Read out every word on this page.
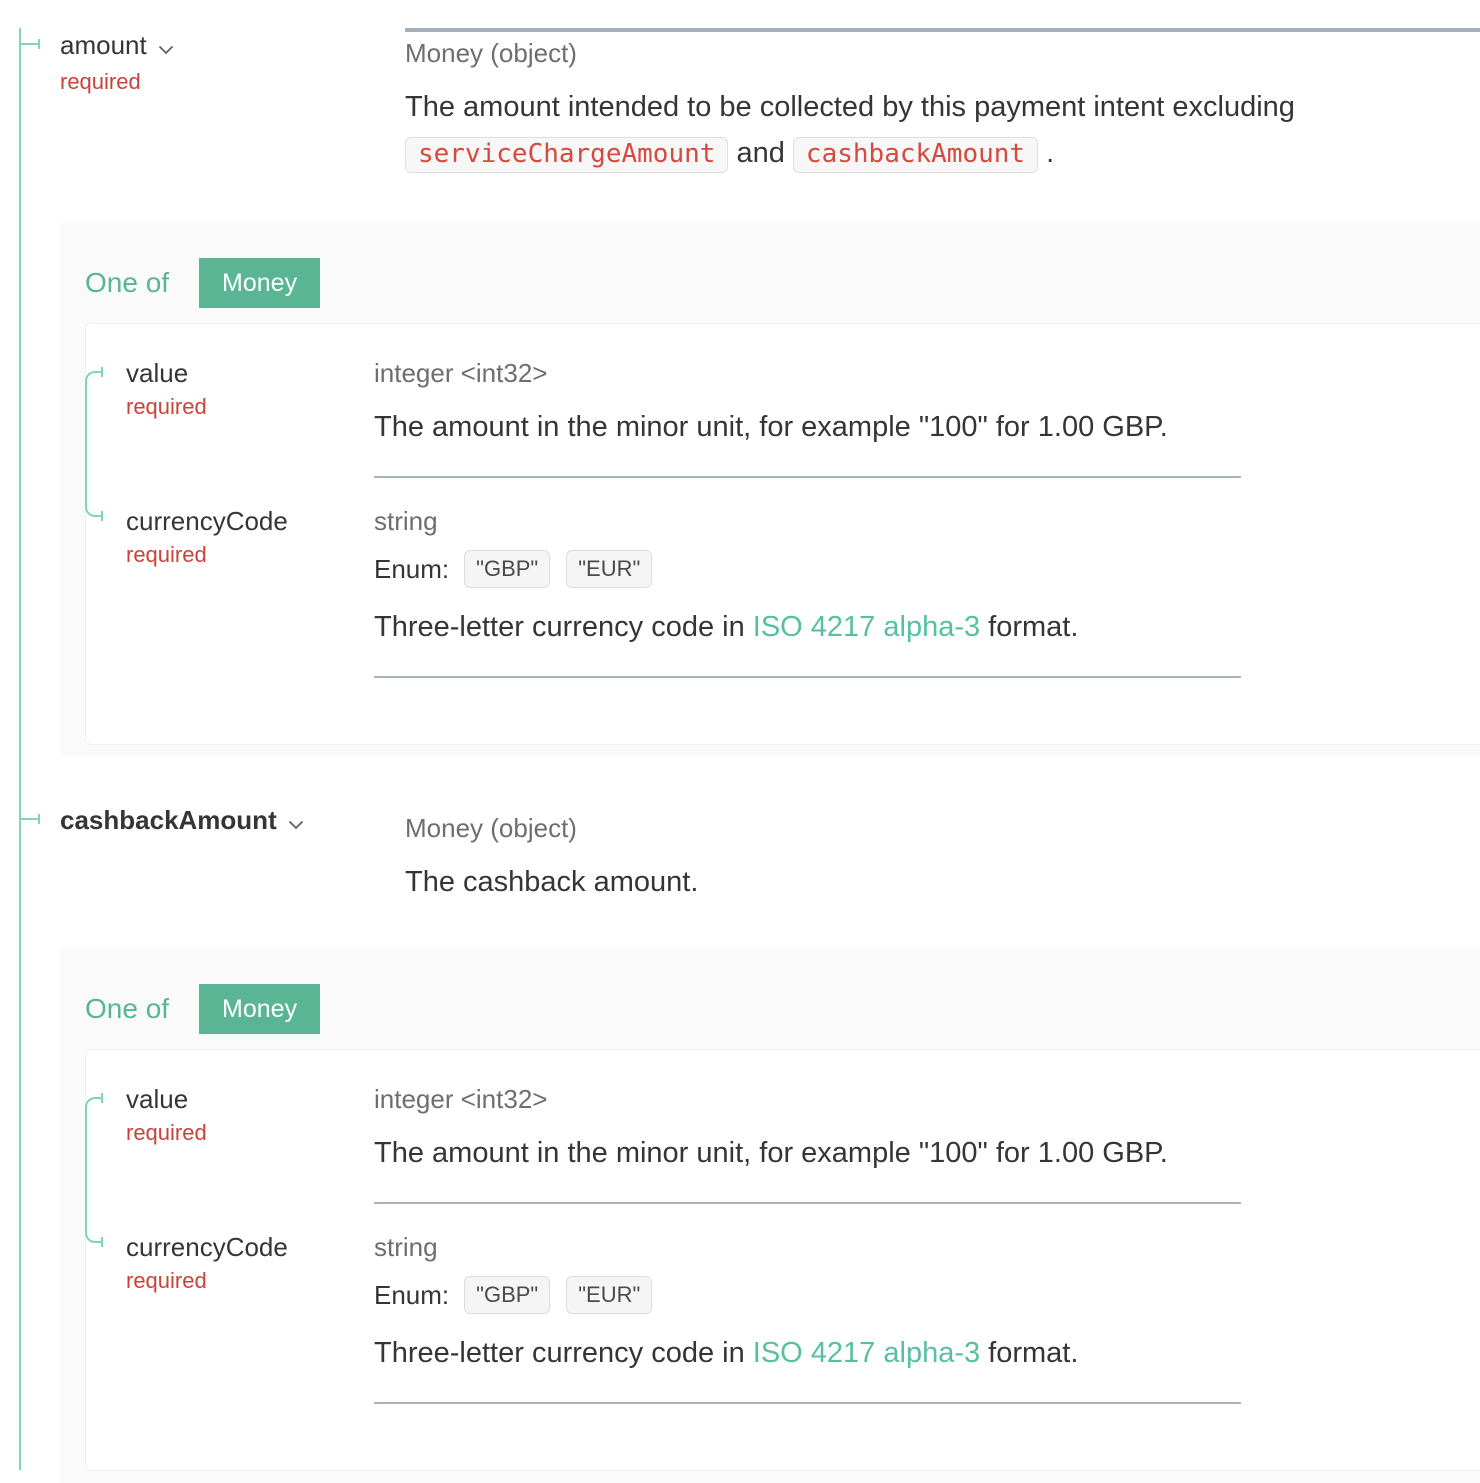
amount
required
Money (object)
The amount intended to be collected by this payment intent excluding serviceChargeAmount and cashbackAmount .
One of	Money
value
required
integer <int32>
The amount in the minor unit, for example "100" for 1.00 GBP.
currencyCode
required
string
Enum:	"GBP"	"EUR"
Three-letter currency code in ISO 4217 alpha-3 format.
cashbackAmount	Money (object)
The cashback amount.
One of	Money
value
required
integer <int32>
The amount in the minor unit, for example "100" for 1.00 GBP.
currencyCode
required
string
Enum:	"GBP"	"EUR"
Three-letter currency code in ISO 4217 alpha-3 format.
